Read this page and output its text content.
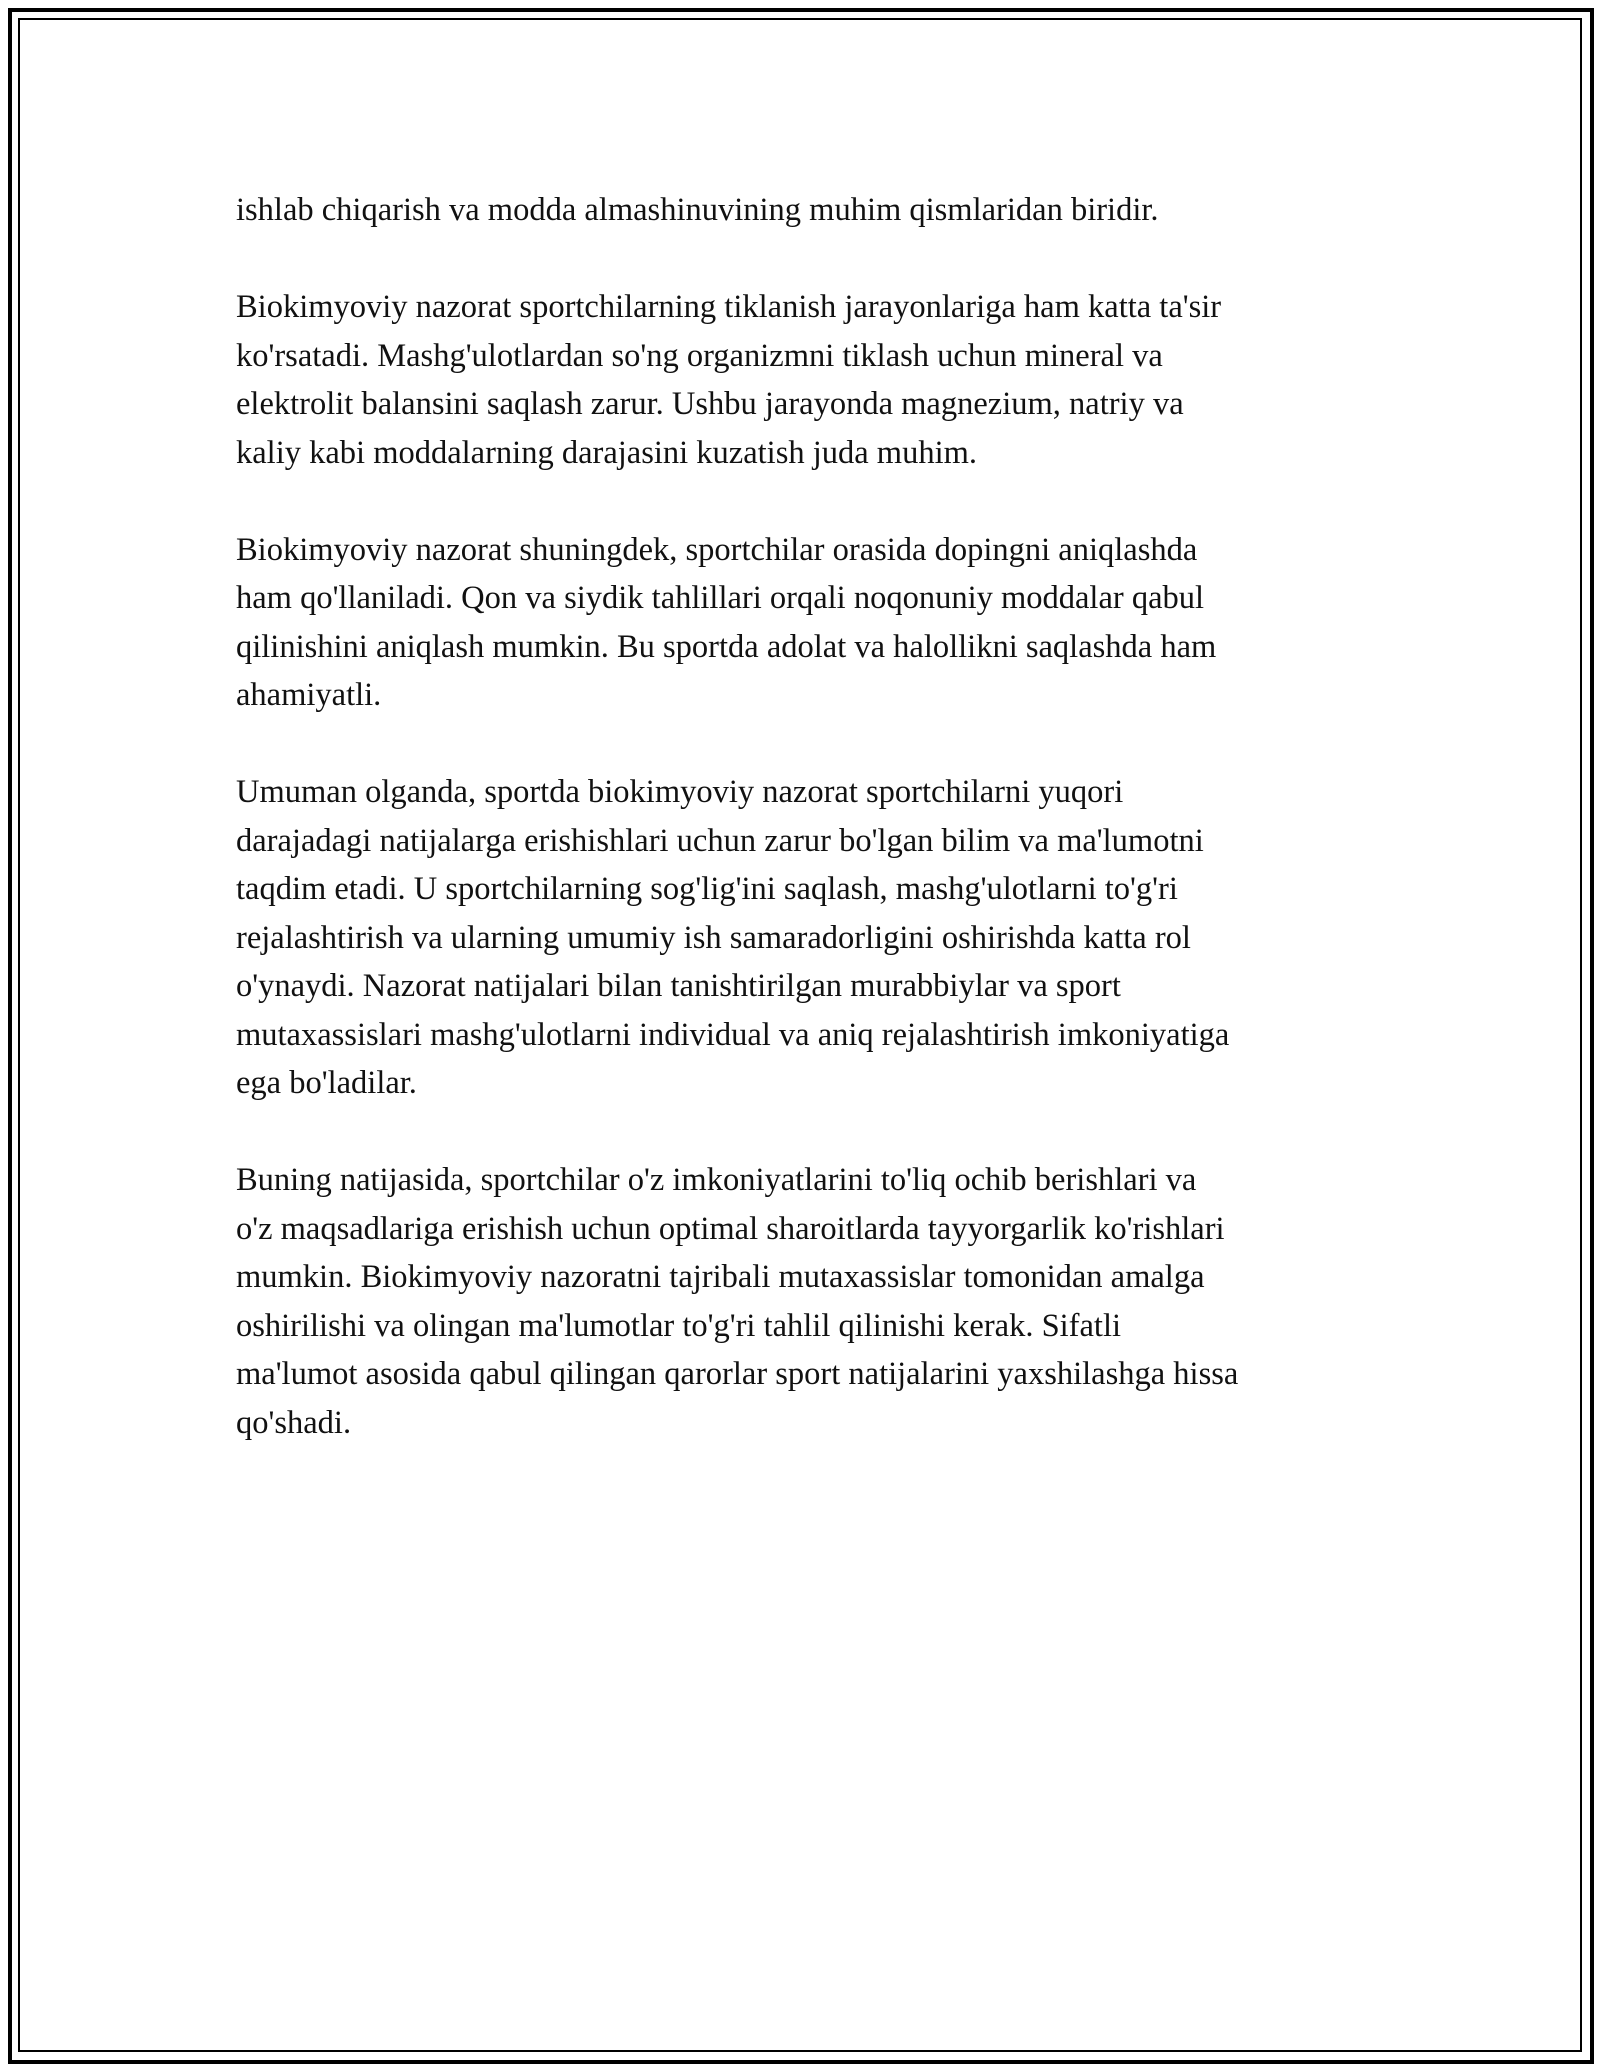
ishlab chiqarish va modda almashinuvining muhim qismlaridan biridir.

Biokimyoviy nazorat sportchilarning tiklanish jarayonlariga ham katta ta'sir
ko'rsatadi. Mashg'ulotlardan so'ng organizmni tiklash uchun mineral va
elektrolit balansini saqlash zarur. Ushbu jarayonda magnezium, natriy va
kaliy kabi moddalarning darajasini kuzatish juda muhim.

Biokimyoviy nazorat shuningdek, sportchilar orasida dopingni aniqlashda
ham qo'llaniladi. Qon va siydik tahlillari orqali noqonuniy moddalar qabul
qilinishini aniqlash mumkin. Bu sportda adolat va halollikni saqlashda ham
ahamiyatli.

Umuman olganda, sportda biokimyoviy nazorat sportchilarni yuqori
darajadagi natijalarga erishishlari uchun zarur bo'lgan bilim va ma'lumotni
taqdim etadi. U sportchilarning sog'lig'ini saqlash, mashg'ulotlarni to'g'ri
rejalashtirish va ularning umumiy ish samaradorligini oshirishda katta rol
o'ynaydi. Nazorat natijalari bilan tanishtirilgan murabbiylar va sport
mutaxassislari mashg'ulotlarni individual va aniq rejalashtirish imkoniyatiga
ega bo'ladilar.

Buning natijasida, sportchilar o'z imkoniyatlarini to'liq ochib berishlari va
o'z maqsadlariga erishish uchun optimal sharoitlarda tayyorgarlik ko'rishlari
mumkin. Biokimyoviy nazoratni tajribali mutaxassislar tomonidan amalga
oshirilishi va olingan ma'lumotlar to'g'ri tahlil qilinishi kerak. Sifatli
ma'lumot asosida qabul qilingan qarorlar sport natijalarini yaxshilashga hissa
qo'shadi.
